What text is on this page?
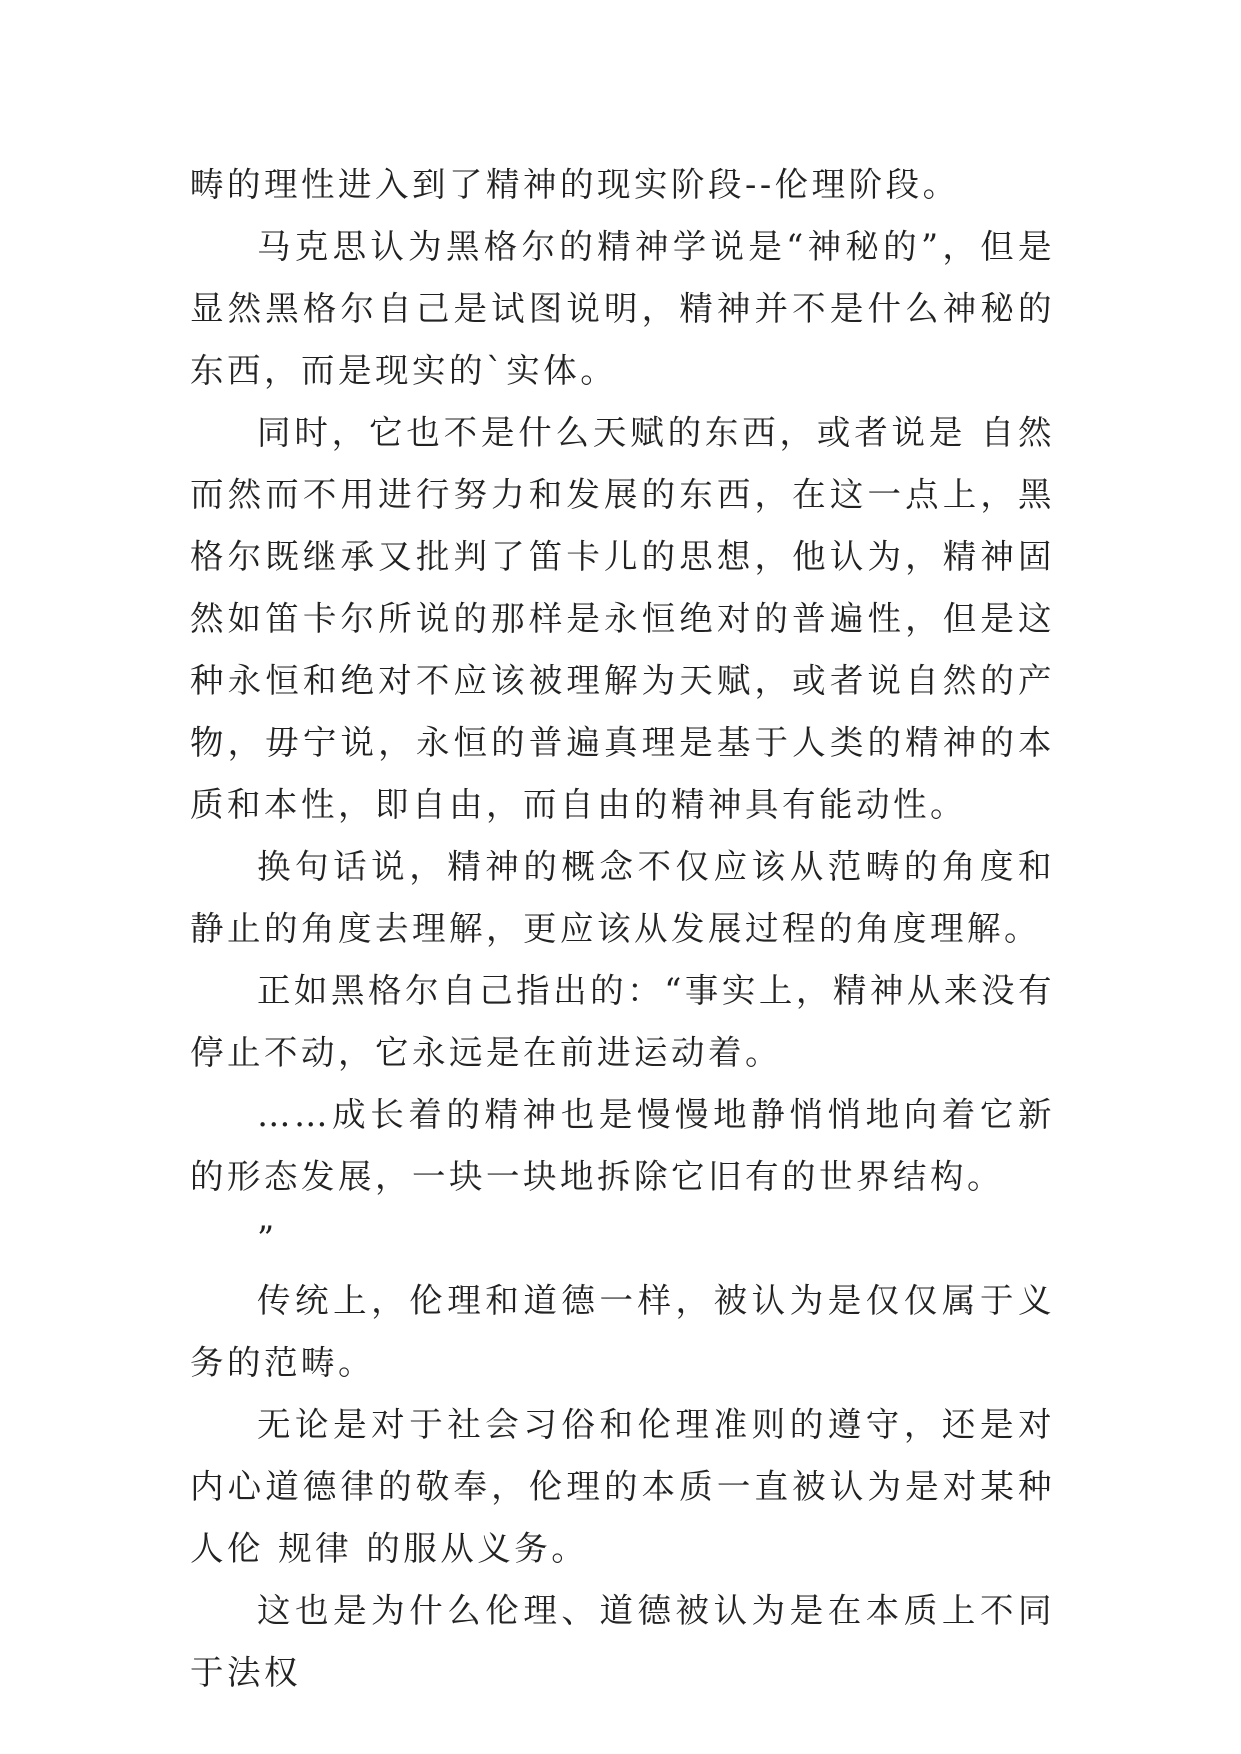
畴的理性进入到了精神的现实阶段--伦理阶段。

马克思认为黑格尔的精神学说是“神秘的”，但是显然黑格尔自己是试图说明，精神并不是什么神秘的东西，而是现实的`实体。

同时，它也不是什么天赋的东西，或者说是 自然 而然而不用进行努力和发展的东西，在这一点上，黑格尔既继承又批判了笛卡儿的思想，他认为，精神固然如笛卡尔所说的那样是永恒绝对的普遍性，但是这种永恒和绝对不应该被理解为天赋，或者说自然的产物，毋宁说，永恒的普遍真理是基于人类的精神的本质和本性，即自由，而自由的精神具有能动性。

换句话说，精神的概念不仅应该从范畴的角度和静止的角度去理解，更应该从发展过程的角度理解。

正如黑格尔自己指出的：“事实上，精神从来没有停止不动，它永远是在前进运动着。

……成长着的精神也是慢慢地静悄悄地向着它新的形态发展，一块一块地拆除它旧有的世界结构。

”

传统上，伦理和道德一样，被认为是仅仅属于义务的范畴。

无论是对于社会习俗和伦理准则的遵守，还是对内心道德律的敬奉，伦理的本质一直被认为是对某种人伦 规律 的服从义务。

这也是为什么伦理、道德被认为是在本质上不同于法权
